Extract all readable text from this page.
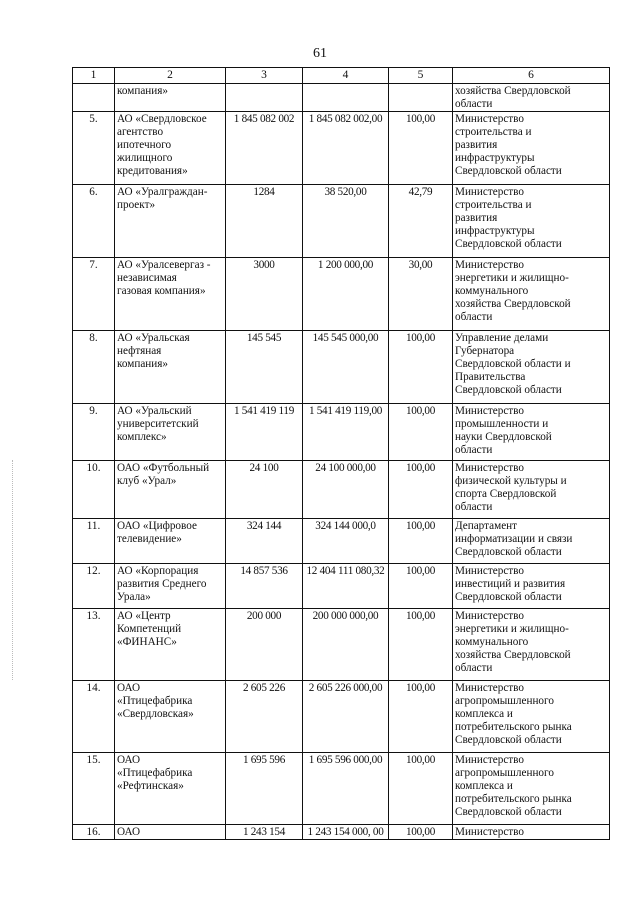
61
1	2	3	4	5	6
	компания»				хозяйства Свердловской
области
5.	АО «Свердловское
агентство
ипотечного
жилищного
кредитования»	1 845 082 002	1 845 082 002,00	100,00	Министерство
строительства и
развития
инфраструктуры
Свердловской области
6.	АО «Уралграждан-
проект»	1284	38 520,00	42,79	Министерство
строительства и
развития
инфраструктуры
Свердловской области
7.	АО «Уралсевергаз -
независимая
газовая компания»	3000	1 200 000,00	30,00	Министерство
энергетики и жилищно-
коммунального
хозяйства Свердловской
области
8.	АО «Уральская
нефтяная
компания»	145 545	145 545 000,00	100,00	Управление делами
Губернатора
Свердловской области и
Правительства
Свердловской области
9.	АО «Уральский
университетский
комплекс»	1 541 419 119	1 541 419 119,00	100,00	Министерство
промышленности и
науки Свердловской
области
10.	ОАО «Футбольный
клуб «Урал»	24 100	24 100 000,00	100,00	Министерство
физической культуры и
спорта Свердловской
области
11.	ОАО «Цифровое
телевидение»	324 144	324 144 000,0	100,00	Департамент
информатизации и связи
Свердловской области
12.	АО «Корпорация
развития Среднего
Урала»	14 857 536	12 404 111 080,32	100,00	Министерство
инвестиций и развития
Свердловской области
13.	АО «Центр
Компетенций
«ФИНАНС»	200 000	200 000 000,00	100,00	Министерство
энергетики и жилищно-
коммунального
хозяйства Свердловской
области
14.	ОАО
«Птицефабрика
«Свердловская»	2 605 226	2 605 226 000,00	100,00	Министерство
агропромышленного
комплекса и
потребительского рынка
Свердловской области
15.	ОАО
«Птицефабрика
«Рефтинская»	1 695 596	1 695 596 000,00	100,00	Министерство
агропромышленного
комплекса и
потребительского рынка
Свердловской области
16.	ОАО	1 243 154	1 243 154 000, 00	100,00	Министерство
